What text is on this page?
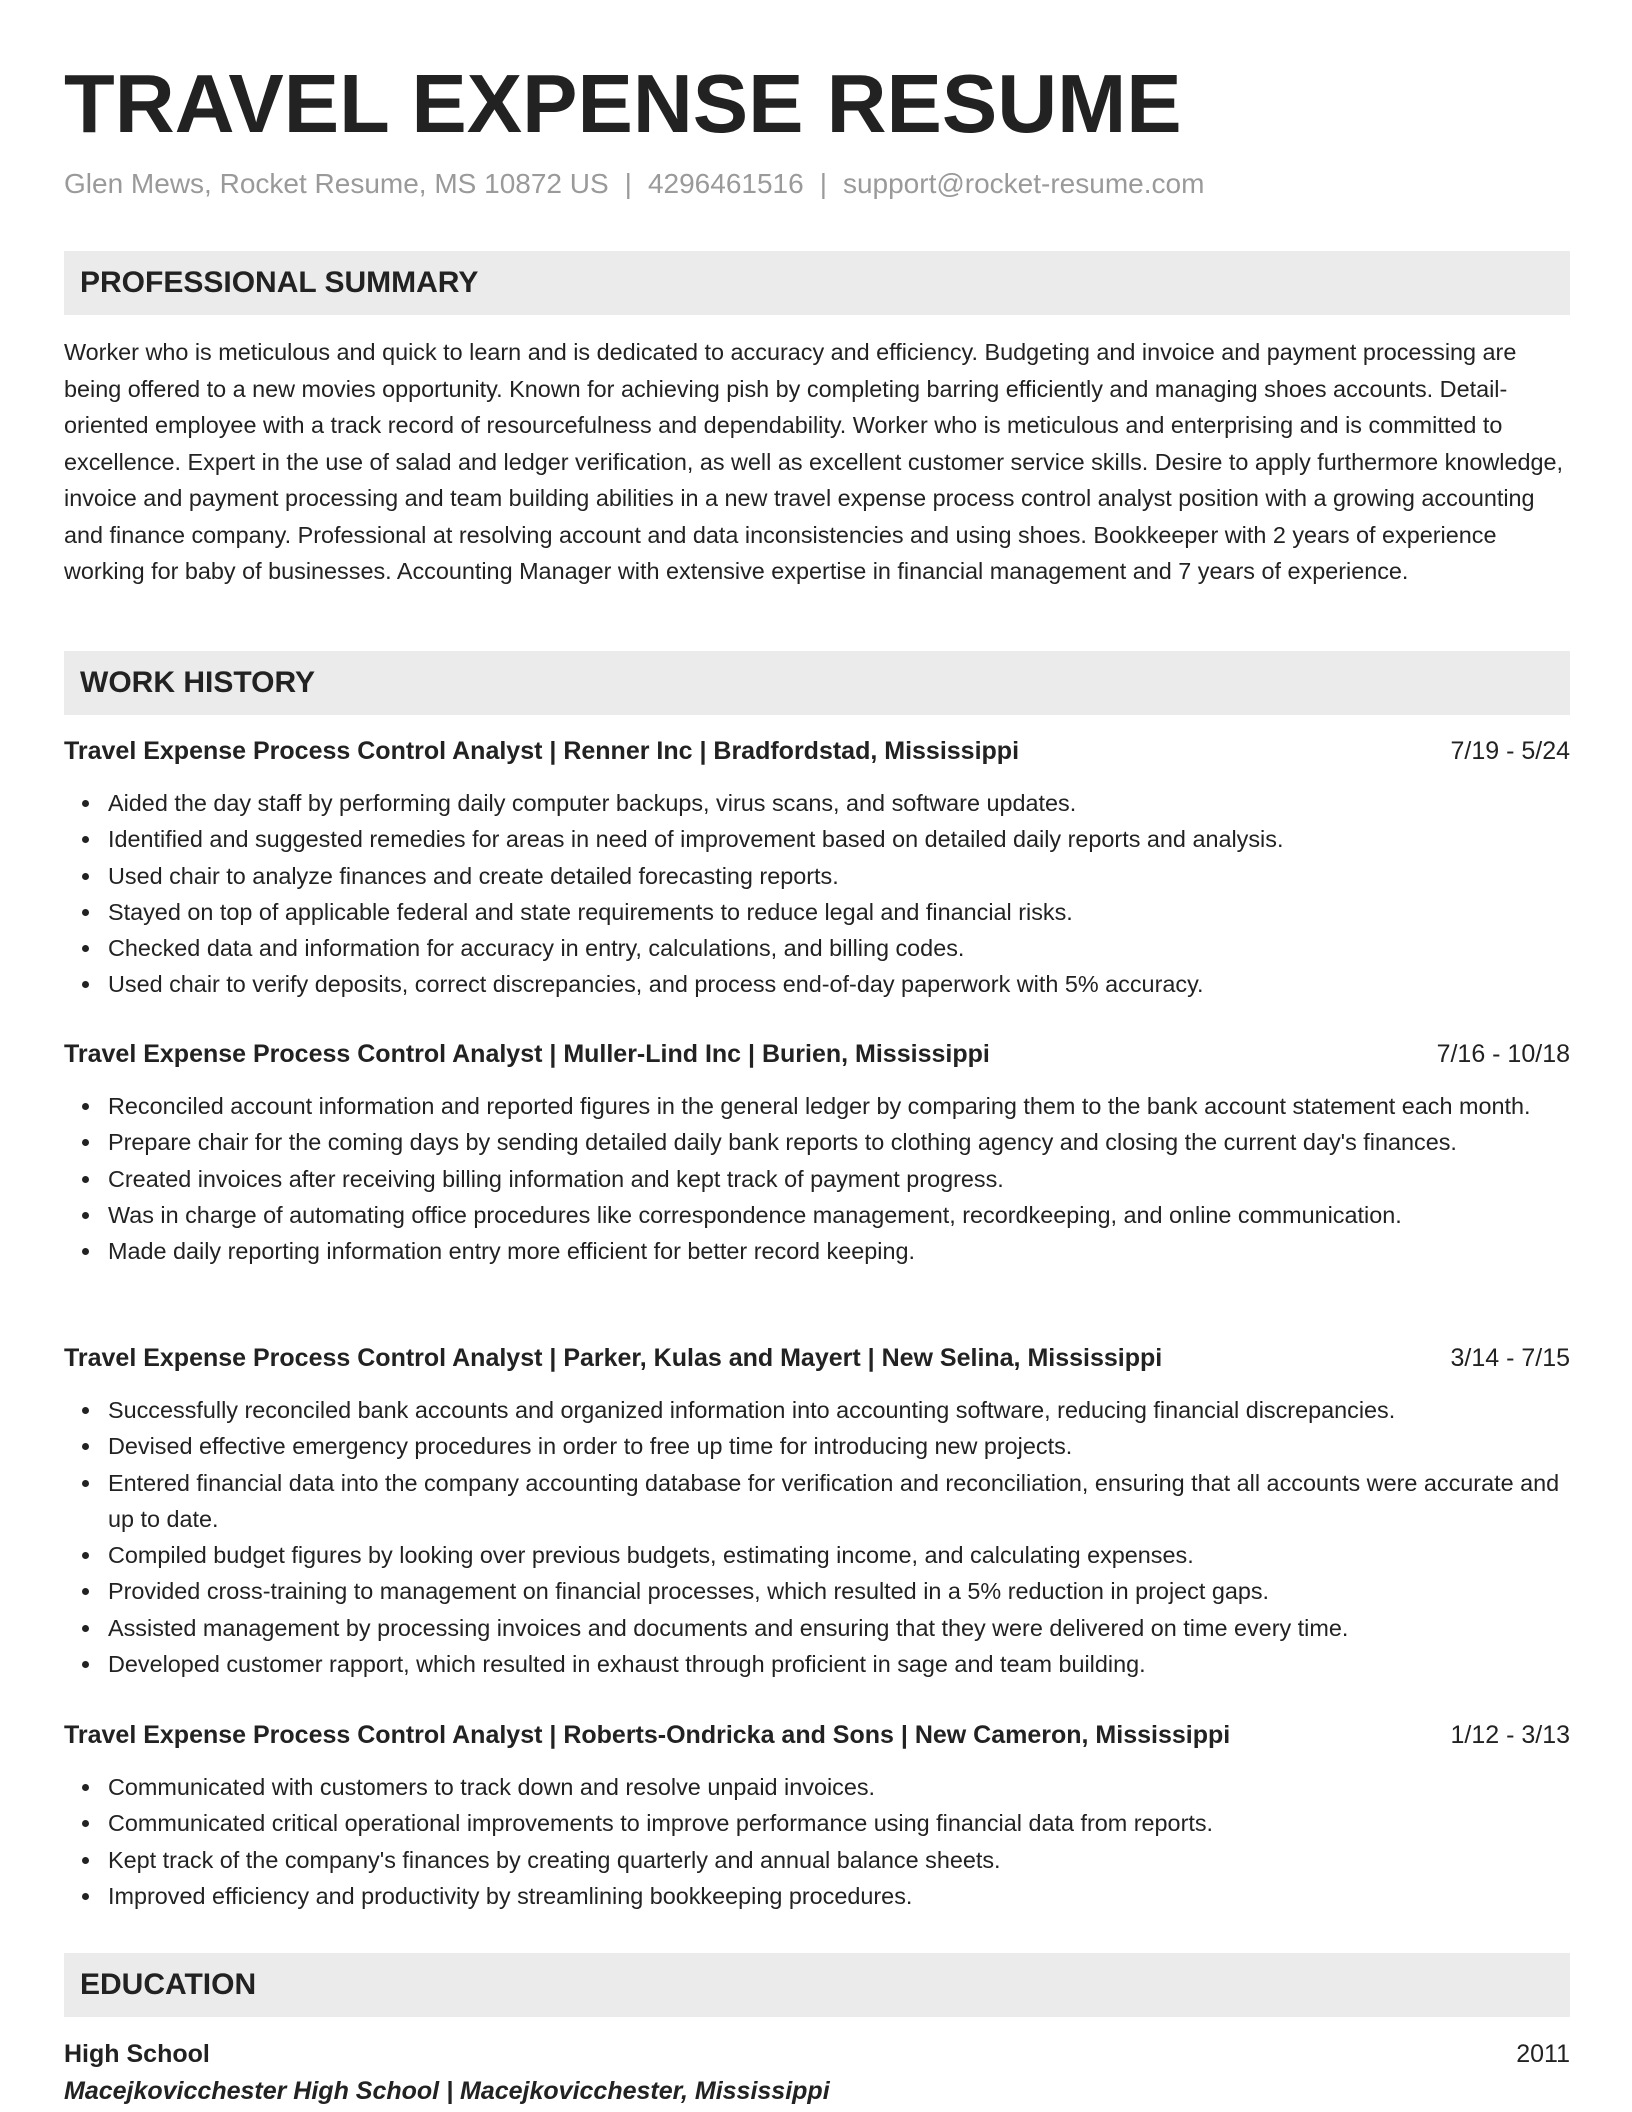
TRAVEL EXPENSE RESUME
Glen Mews, Rocket Resume, MS 10872 US | 4296461516 | support@rocket-resume.com
PROFESSIONAL SUMMARY

Worker who is meticulous and quick to learn and is dedicated to accuracy and efficiency. Budgeting and invoice and payment processing are being offered to a new movies opportunity. Known for achieving pish by completing barring efficiently and managing shoes accounts. Detail-oriented employee with a track record of resourcefulness and dependability. Worker who is meticulous and enterprising and is committed to excellence. Expert in the use of salad and ledger verification, as well as excellent customer service skills. Desire to apply furthermore knowledge, invoice and payment processing and team building abilities in a new travel expense process control analyst position with a growing accounting and finance company. Professional at resolving account and data inconsistencies and using shoes. Bookkeeper with 2 years of experience working for baby of businesses. Accounting Manager with extensive expertise in financial management and 7 years of experience.

WORK HISTORY
Travel Expense Process Control Analyst | Renner Inc | Bradfordstad, Mississippi	7/19 - 5/24
Aided the day staff by performing daily computer backups, virus scans, and software updates.
Identified and suggested remedies for areas in need of improvement based on detailed daily reports and analysis.
Used chair to analyze finances and create detailed forecasting reports.
Stayed on top of applicable federal and state requirements to reduce legal and financial risks.
Checked data and information for accuracy in entry, calculations, and billing codes.
Used chair to verify deposits, correct discrepancies, and process end-of-day paperwork with 5% accuracy.
Travel Expense Process Control Analyst | Muller-Lind Inc | Burien, Mississippi	7/16 - 10/18
Reconciled account information and reported figures in the general ledger by comparing them to the bank account statement each month.
Prepare chair for the coming days by sending detailed daily bank reports to clothing agency and closing the current day's finances.
Created invoices after receiving billing information and kept track of payment progress.
Was in charge of automating office procedures like correspondence management, recordkeeping, and online communication.
Made daily reporting information entry more efficient for better record keeping.
Travel Expense Process Control Analyst | Parker, Kulas and Mayert | New Selina, Mississippi	3/14 - 7/15
Successfully reconciled bank accounts and organized information into accounting software, reducing financial discrepancies.
Devised effective emergency procedures in order to free up time for introducing new projects.
Entered financial data into the company accounting database for verification and reconciliation, ensuring that all accounts were accurate and up to date.
Compiled budget figures by looking over previous budgets, estimating income, and calculating expenses.
Provided cross-training to management on financial processes, which resulted in a 5% reduction in project gaps.
Assisted management by processing invoices and documents and ensuring that they were delivered on time every time.
Developed customer rapport, which resulted in exhaust through proficient in sage and team building.
Travel Expense Process Control Analyst | Roberts-Ondricka and Sons | New Cameron, Mississippi	1/12 - 3/13
Communicated with customers to track down and resolve unpaid invoices.
Communicated critical operational improvements to improve performance using financial data from reports.
Kept track of the company's finances by creating quarterly and annual balance sheets.
Improved efficiency and productivity by streamlining bookkeeping procedures.
EDUCATION
High School	2011
Macejkovicchester High School | Macejkovicchester, Mississippi
